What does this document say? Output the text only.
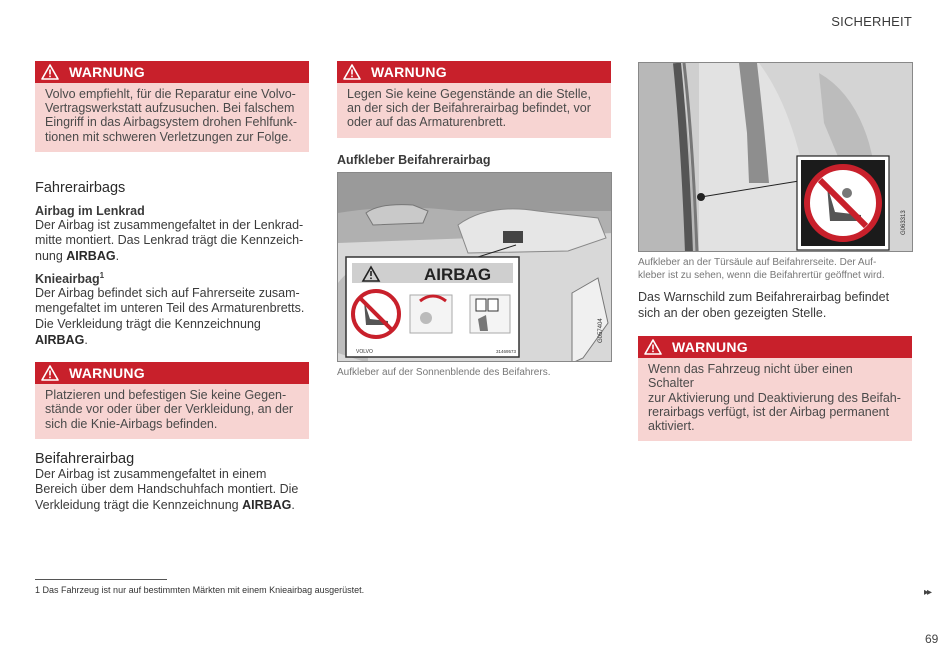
SICHERHEIT
WARNUNG
Volvo empfiehlt, für die Reparatur eine Volvo-
Vertragswerkstatt aufzusuchen. Bei falschem
Eingriff in das Airbagsystem drohen Fehlfunk-
tionen mit schweren Verletzungen zur Folge.
Fahrerairbags
Airbag im Lenkrad

Der Airbag ist zusammengefaltet in der Lenkrad-
mitte montiert. Das Lenkrad trägt die Kennzeich-
nung AIRBAG.

Knieairbag$^1$

Der Airbag befindet sich auf Fahrerseite zusam-
mengefaltet im unteren Teil des Armaturenbretts.
Die Verkleidung trägt die Kennzeichnung
AIRBAG.

WARNUNG
Platzieren und befestigen Sie keine Gegen-
stände vor oder über der Verkleidung, an der
sich die Knie-Airbags befinden.
Beifahrerairbag

Der Airbag ist zusammengefaltet in einem
Bereich über dem Handschuhfach montiert. Die
Verkleidung trägt die Kennzeichnung AIRBAG.

WARNUNG
Legen Sie keine Gegenstände an die Stelle,
an der sich der Beifahrerairbag befindet, vor
oder auf das Armaturenbrett.
Aufkleber Beifahrerairbag
AIRBAG
VOLVO	31469573
G057404
Aufkleber auf der Sonnenblende des Beifahrers.
G063313
Aufkleber an der Türsäule auf Beifahrerseite. Der Auf-
kleber ist zu sehen, wenn die Beifahrertür geöffnet wird.

Das Warnschild zum Beifahrerairbag befindet
sich an der oben gezeigten Stelle.

WARNUNG
Wenn das Fahrzeug nicht über einen Schalter
zur Aktivierung und Deaktivierung des Beifah-
rerairbags verfügt, ist der Airbag permanent
aktiviert.
1 Das Fahrzeug ist nur auf bestimmten Märkten mit einem Knieairbag ausgerüstet.	▸▸
69
